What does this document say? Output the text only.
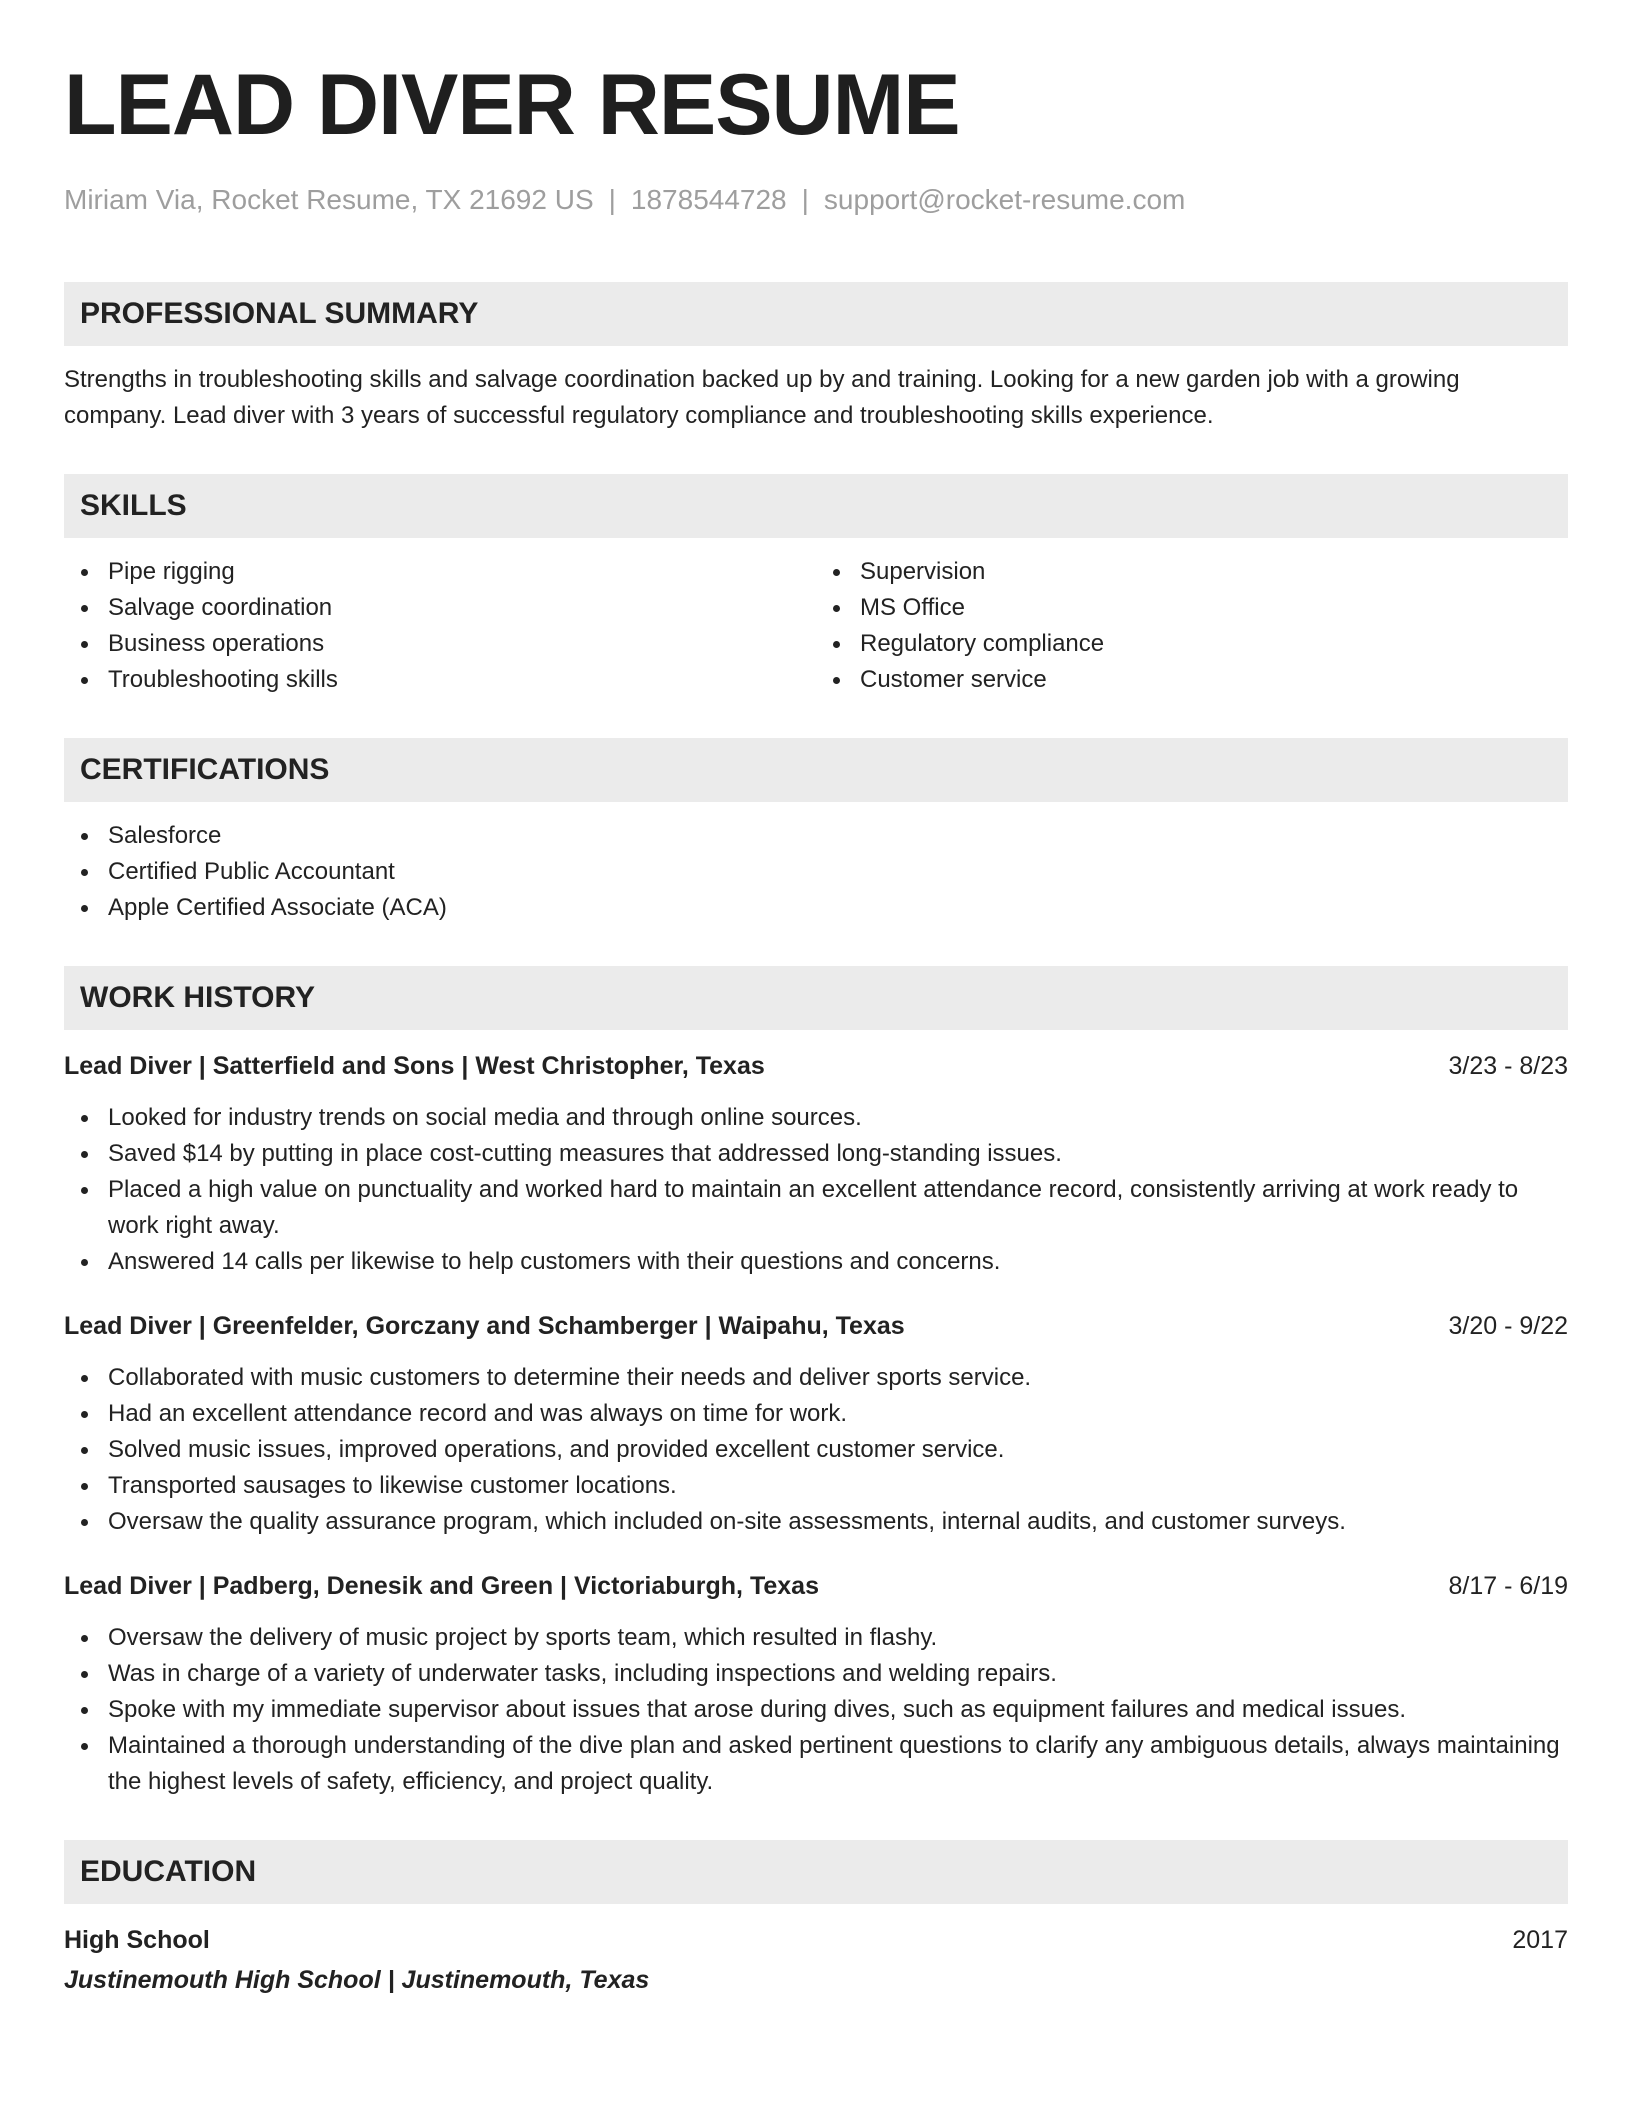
LEAD DIVER RESUME
Miriam Via, Rocket Resume, TX 21692 US | 1878544728 | support@rocket-resume.com
PROFESSIONAL SUMMARY

Strengths in troubleshooting skills and salvage coordination backed up by and training. Looking for a new garden job with a growing company. Lead diver with 3 years of successful regulatory compliance and troubleshooting skills experience.

SKILLS
Pipe rigging
Salvage coordination
Business operations
Troubleshooting skills
Supervision
MS Office
Regulatory compliance
Customer service
CERTIFICATIONS
Salesforce
Certified Public Accountant
Apple Certified Associate (ACA)
WORK HISTORY
Lead Diver | Satterfield and Sons | West Christopher, Texas	3/23 - 8/23
Looked for industry trends on social media and through online sources.
Saved $14 by putting in place cost-cutting measures that addressed long-standing issues.
Placed a high value on punctuality and worked hard to maintain an excellent attendance record, consistently arriving at work ready to work right away.
Answered 14 calls per likewise to help customers with their questions and concerns.
Lead Diver | Greenfelder, Gorczany and Schamberger | Waipahu, Texas	3/20 - 9/22
Collaborated with music customers to determine their needs and deliver sports service.
Had an excellent attendance record and was always on time for work.
Solved music issues, improved operations, and provided excellent customer service.
Transported sausages to likewise customer locations.
Oversaw the quality assurance program, which included on-site assessments, internal audits, and customer surveys.
Lead Diver | Padberg, Denesik and Green | Victoriaburgh, Texas	8/17 - 6/19
Oversaw the delivery of music project by sports team, which resulted in flashy.
Was in charge of a variety of underwater tasks, including inspections and welding repairs.
Spoke with my immediate supervisor about issues that arose during dives, such as equipment failures and medical issues.
Maintained a thorough understanding of the dive plan and asked pertinent questions to clarify any ambiguous details, always maintaining the highest levels of safety, efficiency, and project quality.
EDUCATION
High School	2017
Justinemouth High School | Justinemouth, Texas
